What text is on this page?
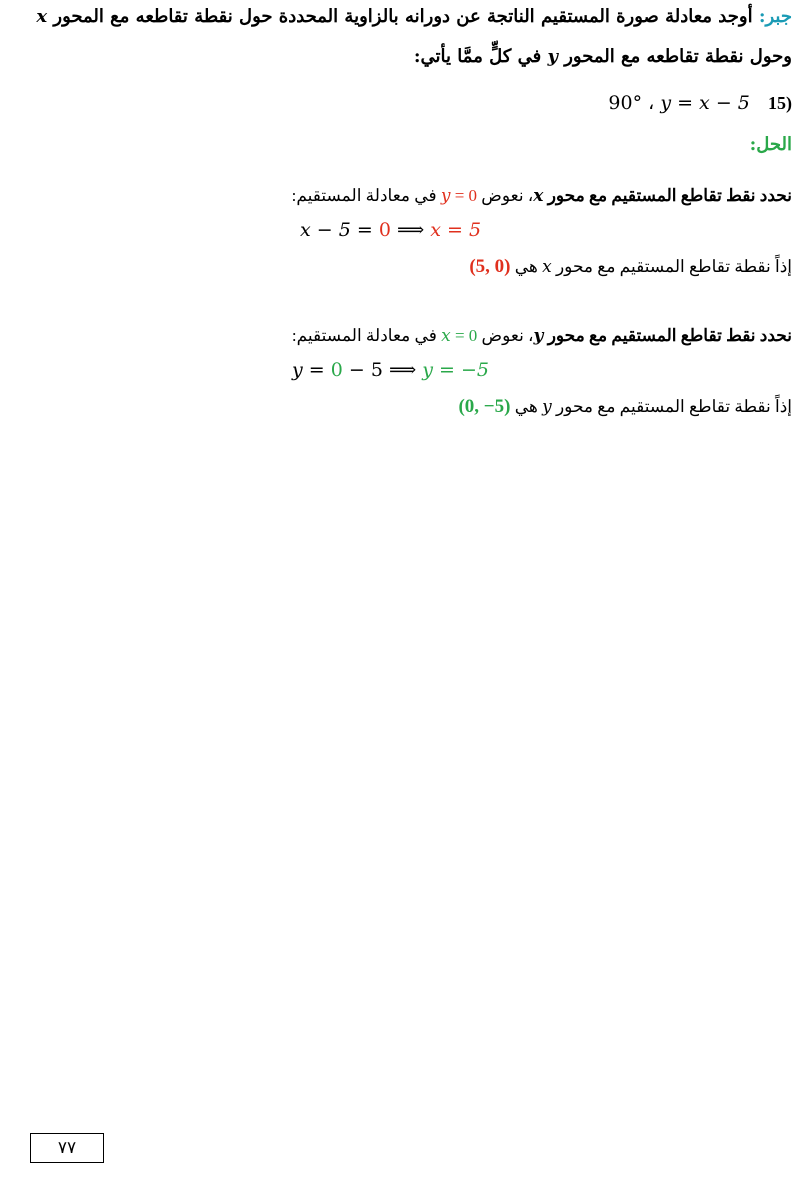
جبر: أوجد معادلة صورة المستقيم الناتجة عن دورانه بالزاوية المحددة حول نقطة تقاطعه مع المحور x
وحول نقطة تقاطعه مع المحور y في كلٍّ ممَّا يأتي:
(15   90° ، y = x − 5
الحل:
نحدد نقط تقاطع المستقيم مع محور x، نعوض y = 0 في معادلة المستقيم:
x − 5 = 0 ⟹ x = 5
إذاً نقطة تقاطع المستقيم مع محور x هي (5, 0)
نحدد نقط تقاطع المستقيم مع محور y، نعوض x = 0 في معادلة المستقيم:
y = 0 − 5 ⟹ y = −5
إذاً نقطة تقاطع المستقيم مع محور y هي (0, −5)
٧٧
